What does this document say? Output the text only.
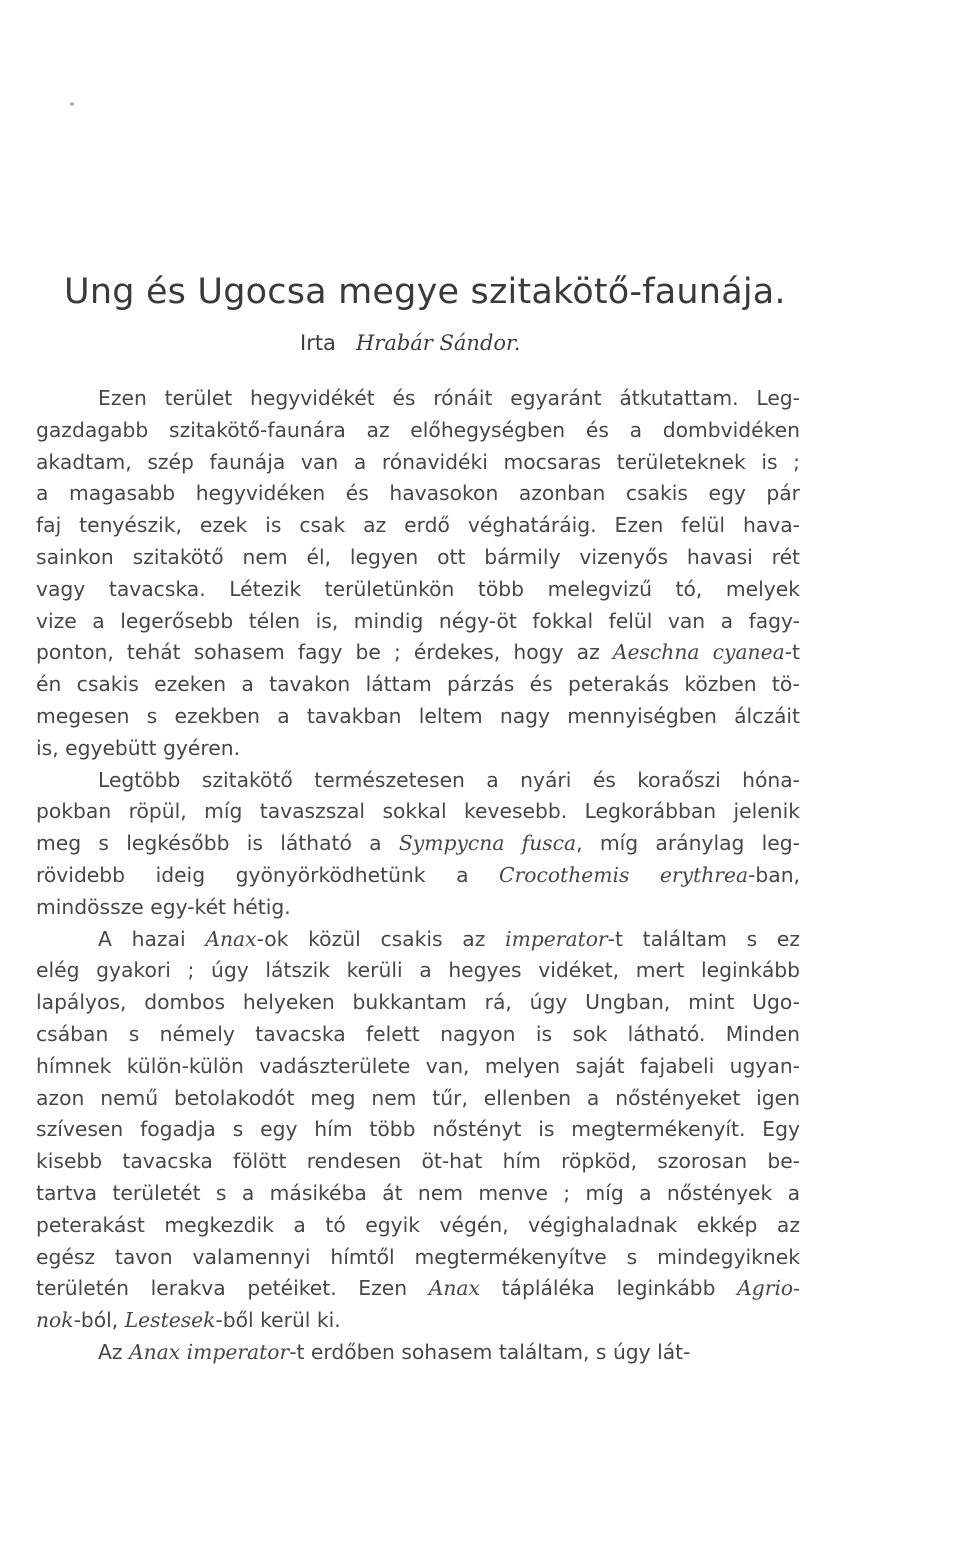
Ung és Ugocsa megye szitakötő-faunája.

Irta Hrabár Sándor.

Ezen terület hegyvidékét és rónáit egyaránt átkutattam. Leg-
gazdagabb szitakötő-faunára az előhegységben és a dombvidéken
akadtam, szép faunája van a rónavidéki mocsaras területeknek is ;
a magasabb hegyvidéken és havasokon azonban csakis egy pár
faj tenyészik, ezek is csak az erdő véghatáráig. Ezen felül hava-
sainkon szitakötő nem él, legyen ott bármily vizenyős havasi rét
vagy tavacska. Létezik területünkön több melegvizű tó, melyek
vize a legerősebb télen is, mindig négy-öt fokkal felül van a fagy-
ponton, tehát sohasem fagy be ; érdekes, hogy az Aeschna cyanea-t
én csakis ezeken a tavakon láttam párzás és peterakás közben tö-
megesen s ezekben a tavakban leltem nagy mennyiségben álczáit
is, egyebütt gyéren.

Legtöbb szitakötő természetesen a nyári és koraőszi hóna-
pokban röpül, míg tavaszszal sokkal kevesebb. Legkorábban jelenik
meg s legkésőbb is látható a Sympycna fusca, míg aránylag leg-
rövidebb ideig gyönyörködhetünk a Crocothemis erythrea-ban,
mindössze egy-két hétig.

A hazai Anax-ok közül csakis az imperator-t találtam s ez
elég gyakori ; úgy látszik kerüli a hegyes vidéket, mert leginkább
lapályos, dombos helyeken bukkantam rá, úgy Ungban, mint Ugo-
csában s némely tavacska felett nagyon is sok látható. Minden
hímnek külön-külön vadászterülete van, melyen saját fajabeli ugyan-
azon nemű betolakodót meg nem tűr, ellenben a nőstényeket igen
szívesen fogadja s egy hím több nőstényt is megtermékenyít. Egy
kisebb tavacska fölött rendesen öt-hat hím röpköd, szorosan be-
tartva területét s a másikéba át nem menve ; míg a nőstények a
peterakást megkezdik a tó egyik végén, végighaladnak ekkép az
egész tavon valamennyi hímtől megtermékenyítve s mindegyiknek
területén lerakva petéiket. Ezen Anax tápláléka leginkább Agrio-
nok-ból, Lestesek-ből kerül ki.

Az Anax imperator-t erdőben sohasem találtam, s úgy lát-
